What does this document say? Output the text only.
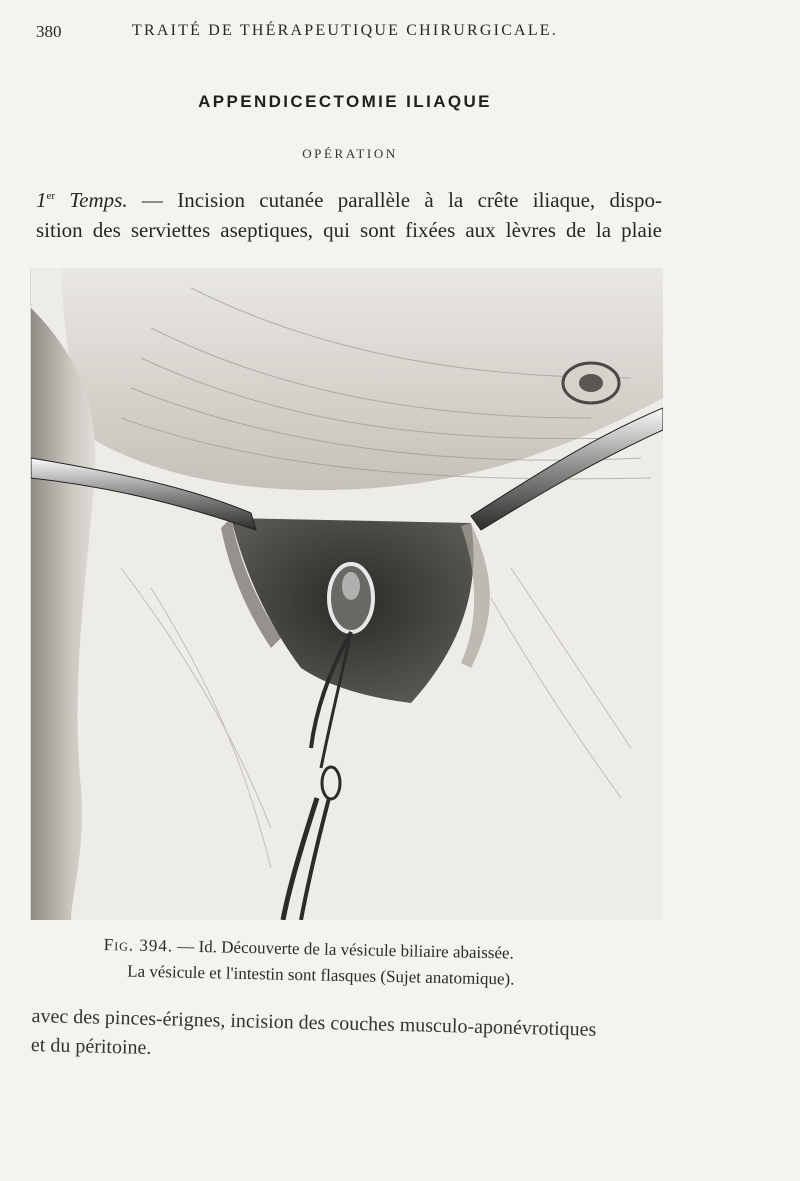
380	TRAITÉ DE THÉRAPEUTIQUE CHIRURGICALE.
APPENDICECTOMIE ILIAQUE
OPÉRATION
1er Temps. — Incision cutanée parallèle à la crête iliaque, dispo-
sition des serviettes aseptiques, qui sont fixées aux lèvres de la plaie
Fig. 394. — Id. Découverte de la vésicule biliaire abaissée.
La vésicule et l'intestin sont flasques (Sujet anatomique).
avec des pinces-érignes, incision des couches musculo-aponévrotiques
et du péritoine.
